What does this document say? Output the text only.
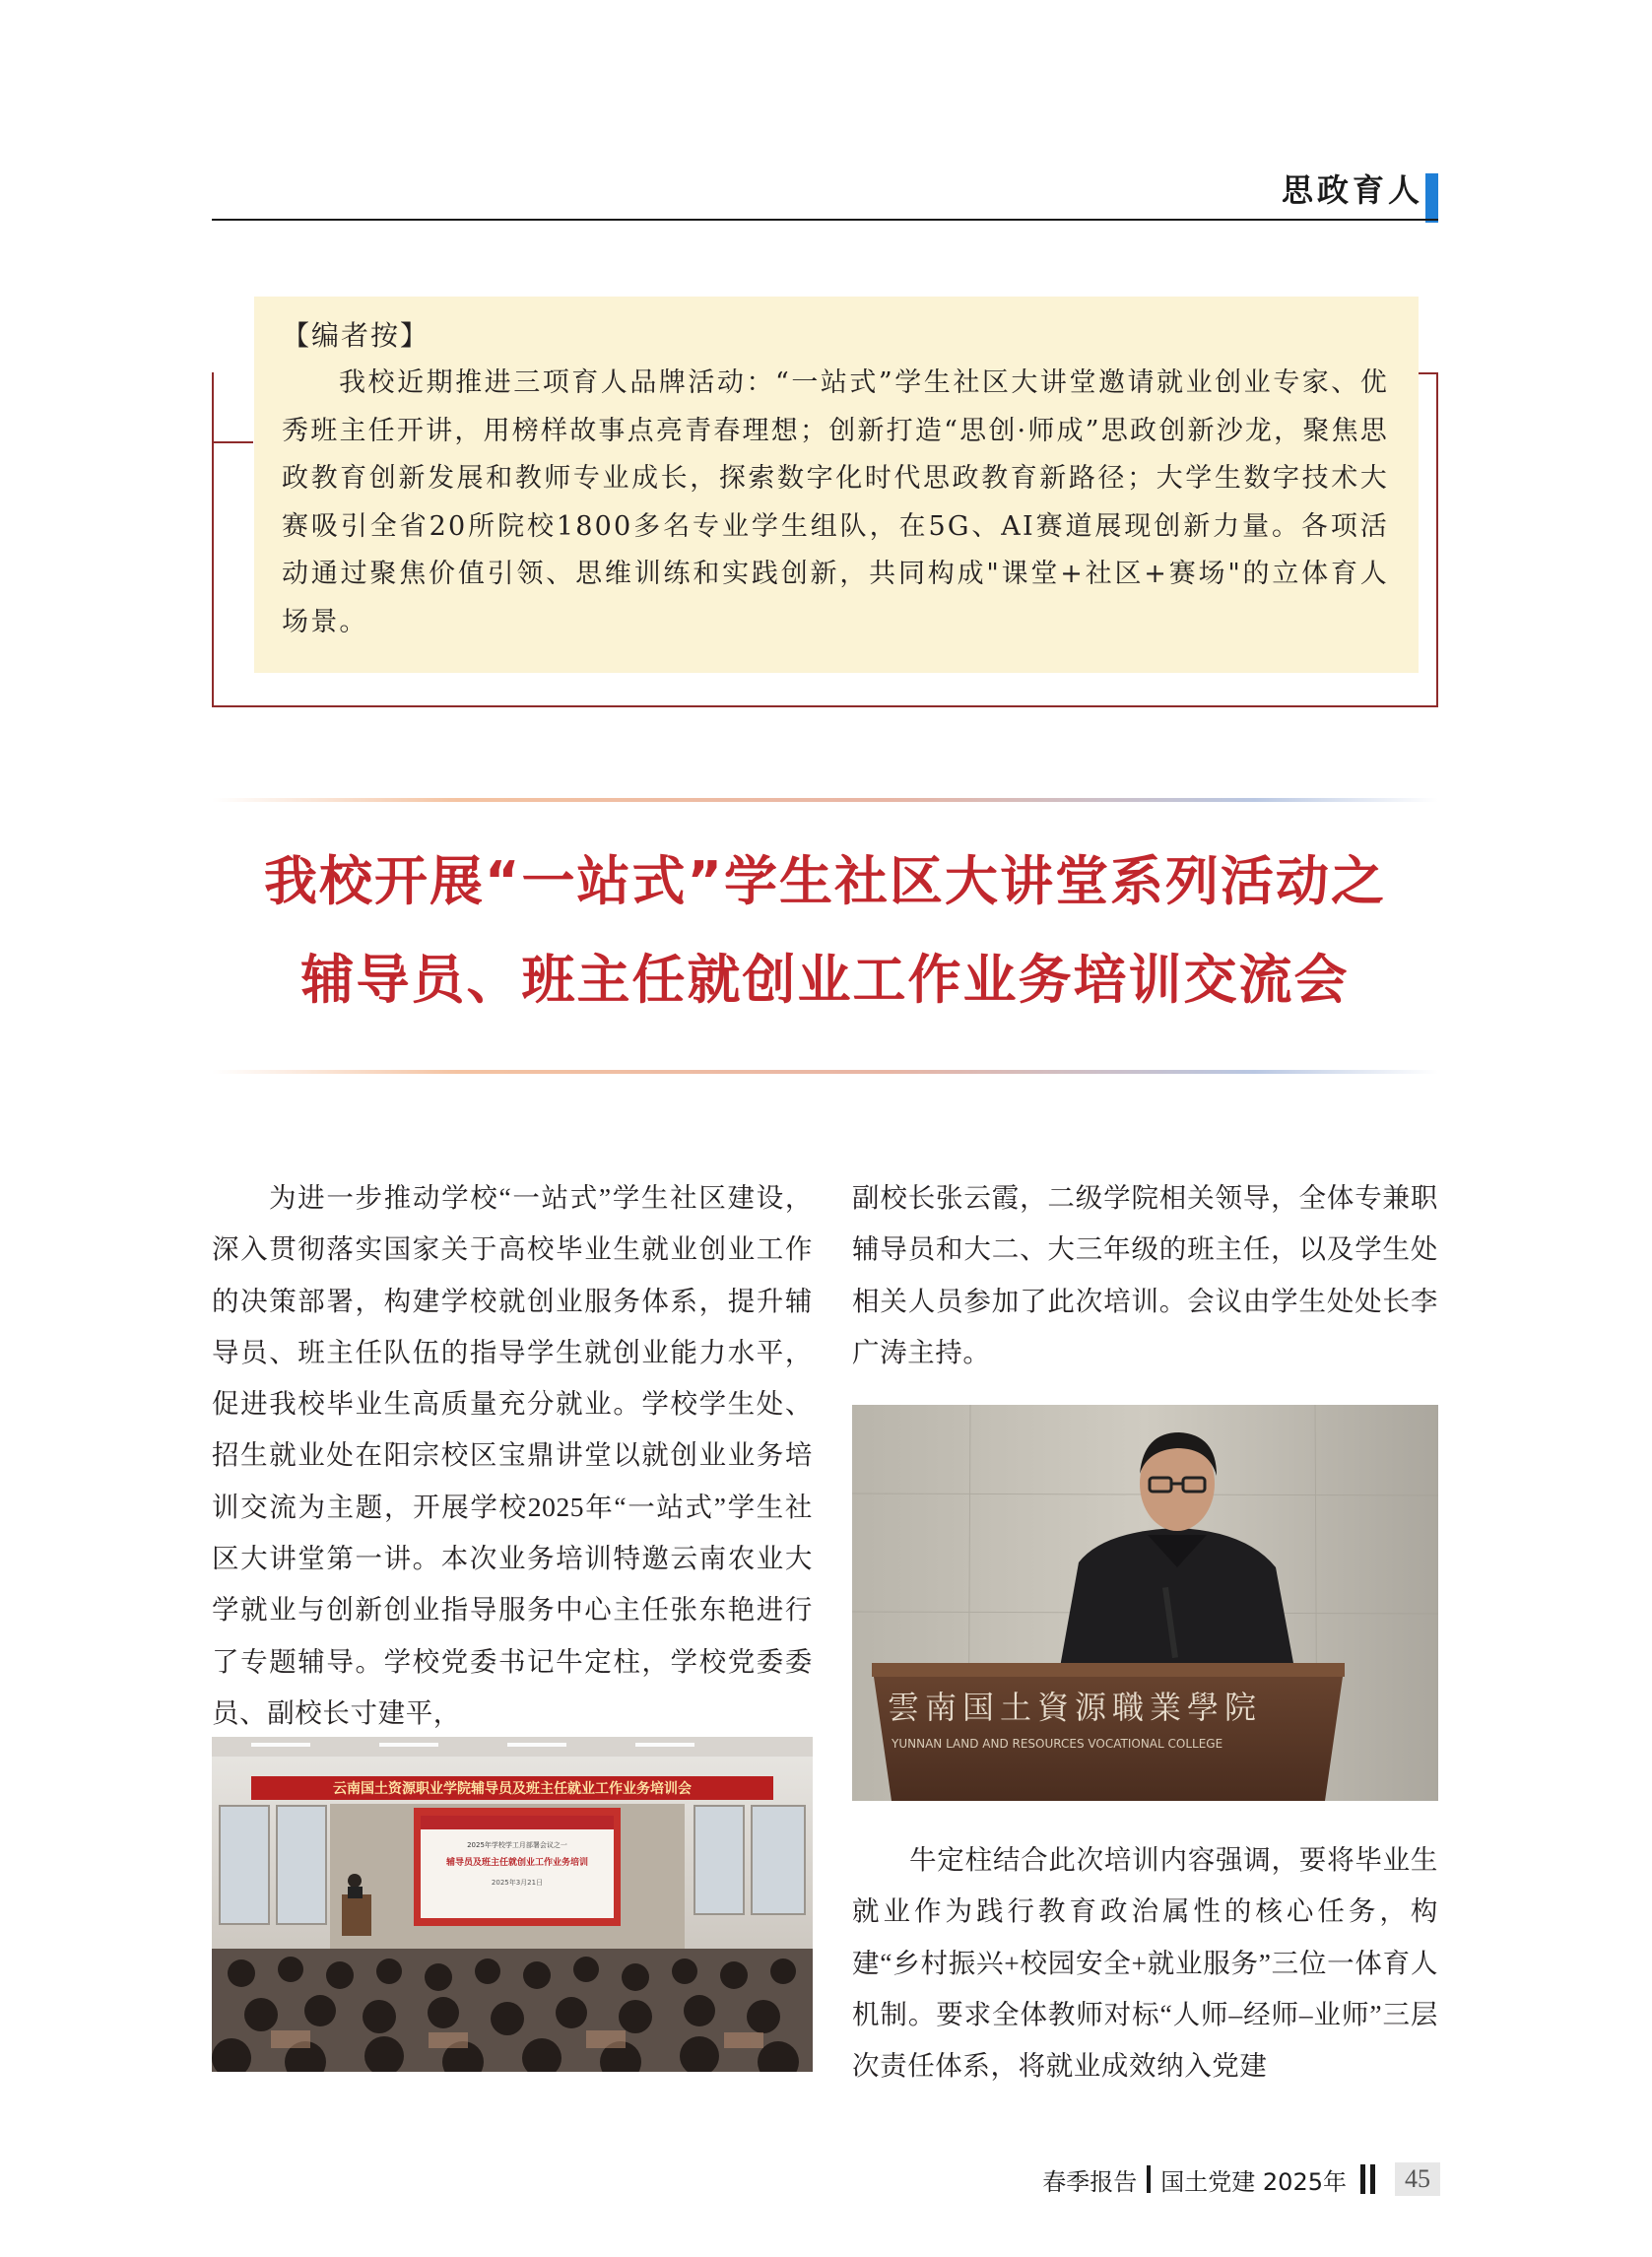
思政育人
【编者按】

我校近期推进三项育人品牌活动：“一站式”学生社区大讲堂邀请就业创业专家、优秀班主任开讲，用榜样故事点亮青春理想；创新打造“思创·师成”思政创新沙龙，聚焦思政教育创新发展和教师专业成长，探索数字化时代思政教育新路径；大学生数字技术大赛吸引全省20所院校1800多名专业学生组队，在5G、AI赛道展现创新力量。各项活动通过聚焦价值引领、思维训练和实践创新，共同构成"课堂+社区+赛场"的立体育人场景。

我校开展“一站式”学生社区大讲堂系列活动之
辅导员、班主任就创业工作业务培训交流会

为进一步推动学校“一站式”学生社区建设，深入贯彻落实国家关于高校毕业生就业创业工作的决策部署，构建学校就创业服务体系，提升辅导员、班主任队伍的指导学生就创业能力水平，促进我校毕业生高质量充分就业。学校学生处、招生就业处在阳宗校区宝鼎讲堂以就创业业务培训交流为主题，开展学校2025年“一站式”学生社区大讲堂第一讲。本次业务培训特邀云南农业大学就业与创新创业指导服务中心主任张东艳进行了专题辅导。学校党委书记牛定柱，学校党委委员、副校长寸建平，

云南国土资源职业学院辅导员及班主任就业工作业务培训会
2025年学校学工月部署会议之一
辅导员及班主任就创业工作业务培训
2025年3月21日

副校长张云霞，二级学院相关领导，全体专兼职辅导员和大二、大三年级的班主任，以及学生处相关人员参加了此次培训。会议由学生处处长李广涛主持。

雲南国土資源職業學院
YUNNAN LAND AND RESOURCES VOCATIONAL COLLEGE

牛定柱结合此次培训内容强调，要将毕业生就业作为践行教育政治属性的核心任务，构建“乡村振兴+校园安全+就业服务”三位一体育人机制。要求全体教师对标“人师–经师–业师”三层次责任体系，将就业成效纳入党建

春季报告 国土党建 2025年	45
